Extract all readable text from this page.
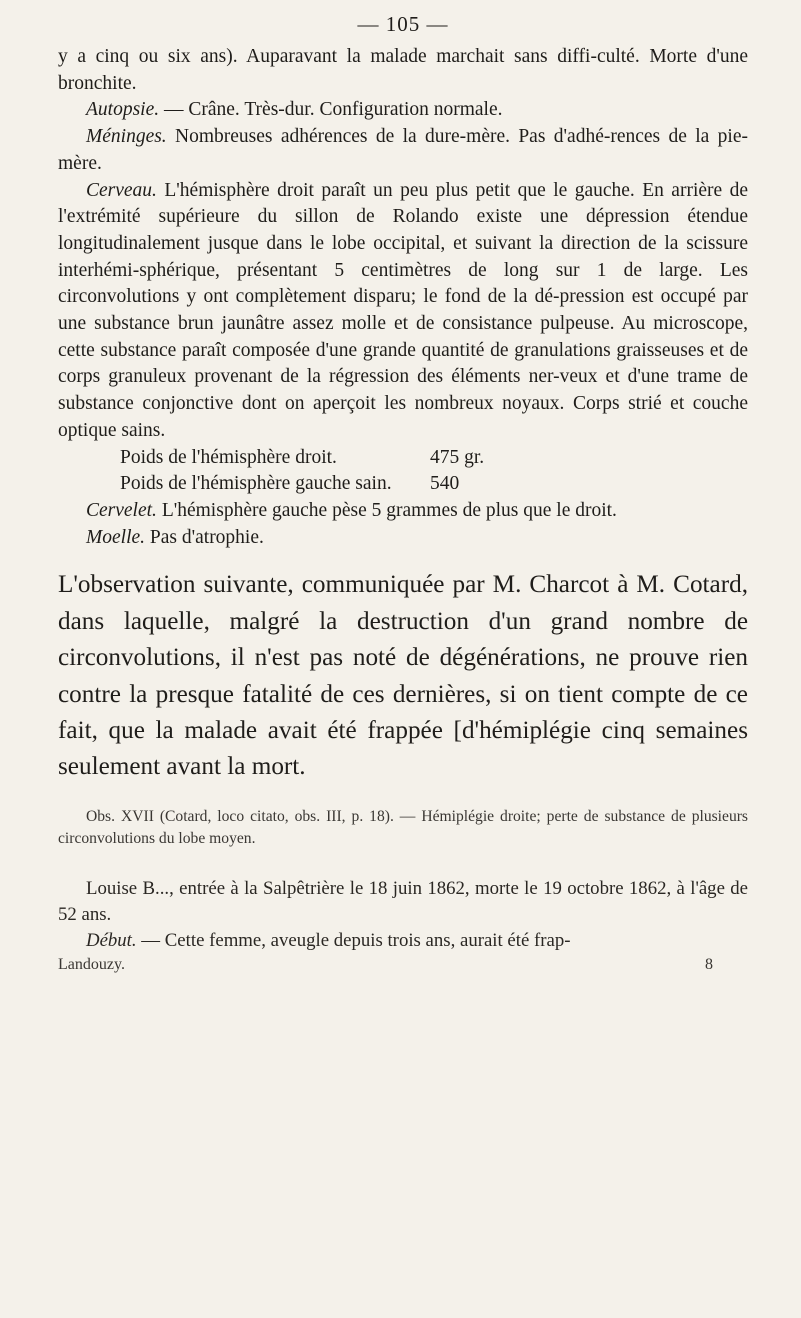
— 105 —

y a cinq ou six ans). Auparavant la malade marchait sans diffi-culté. Morte d'une bronchite.

Autopsie. — Crâne. Très-dur. Configuration normale.

Méninges. Nombreuses adhérences de la dure-mère. Pas d'adhé-rences de la pie-mère.

Cerveau. L'hémisphère droit paraît un peu plus petit que le gauche. En arrière de l'extrémité supérieure du sillon de Rolando existe une dépression étendue longitudinalement jusque dans le lobe occipital, et suivant la direction de la scissure interhémi-sphérique, présentant 5 centimètres de long sur 1 de large. Les circonvolutions y ont complètement disparu; le fond de la dé-pression est occupé par une substance brun jaunâtre assez molle et de consistance pulpeuse. Au microscope, cette substance paraît composée d'une grande quantité de granulations graisseuses et de corps granuleux provenant de la régression des éléments ner-veux et d'une trame de substance conjonctive dont on aperçoit les nombreux noyaux. Corps strié et couche optique sains.

Poids de l'hémisphère droit.	475 gr.
Poids de l'hémisphère gauche sain.	540

Cervelet. L'hémisphère gauche pèse 5 grammes de plus que le droit.

Moelle. Pas d'atrophie.

L'observation suivante, communiquée par M. Charcot à M. Cotard, dans laquelle, malgré la destruction d'un grand nombre de circonvolutions, il n'est pas noté de dégénérations, ne prouve rien contre la presque fatalité de ces dernières, si on tient compte de ce fait, que la malade avait été frappée [d'hémiplégie cinq semaines seulement avant la mort.

Obs. XVII (Cotard, loco citato, obs. III, p. 18). — Hémiplégie droite; perte de substance de plusieurs circonvolutions du lobe moyen.

Louise B..., entrée à la Salpêtrière le 18 juin 1862, morte le 19 octobre 1862, à l'âge de 52 ans.

Début. — Cette femme, aveugle depuis trois ans, aurait été frap-

Landouzy.	8
